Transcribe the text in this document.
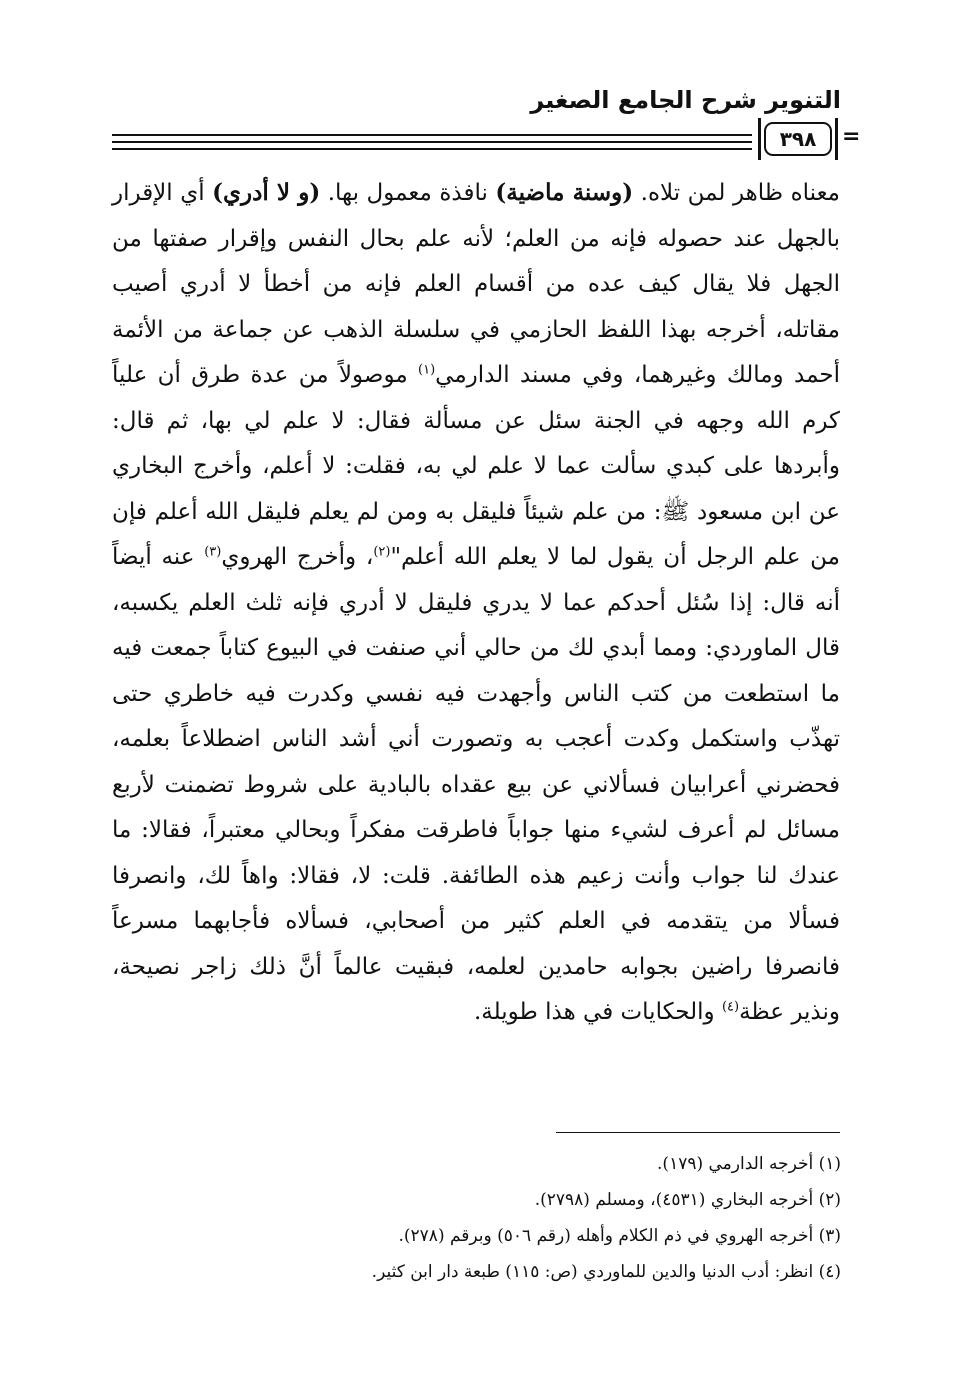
التنوير شرح الجامع الصغير
٣٩٨	=

معناه ظاهر لمن تلاه. (وسنة ماضية) نافذة معمول بها. (و لا أدري) أي الإقرار بالجهل عند حصوله فإنه من العلم؛ لأنه علم بحال النفس وإقرار صفتها من الجهل فلا يقال كيف عده من أقسام العلم فإنه من أخطأ لا أدري أصيب مقاتله، أخرجه بهذا اللفظ الحازمي في سلسلة الذهب عن جماعة من الأئمة أحمد ومالك وغيرهما، وفي مسند الدارمي$^{(١)}$ موصولاً من عدة طرق أن علياً كرم الله وجهه في الجنة سئل عن مسألة فقال: لا علم لي بها، ثم قال: وأبردها على كبدي سألت عما لا علم لي به، فقلت: لا أعلم، وأخرج البخاري عن ابن مسعود ﷺ: من علم شيئاً فليقل به ومن لم يعلم فليقل الله أعلم فإن من علم الرجل أن يقول لما لا يعلم الله أعلم"$^{(٢)}$، وأخرج الهروي$^{(٣)}$ عنه أيضاً أنه قال: إذا سُئل أحدكم عما لا يدري فليقل لا أدري فإنه ثلث العلم يكسبه، قال الماوردي: ومما أبدي لك من حالي أني صنفت في البيوع كتاباً جمعت فيه ما استطعت من كتب الناس وأجهدت فيه نفسي وكدرت فيه خاطري حتى تهذّب واستكمل وكدت أعجب به وتصورت أني أشد الناس اضطلاعاً بعلمه، فحضرني أعرابيان فسألاني عن بيع عقداه بالبادية على شروط تضمنت لأربع مسائل لم أعرف لشيء منها جواباً فاطرقت مفكراً وبحالي معتبراً، فقالا: ما عندك لنا جواب وأنت زعيم هذه الطائفة. قلت: لا، فقالا: واهاً لك، وانصرفا فسألا من يتقدمه في العلم كثير من أصحابي، فسألاه فأجابهما مسرعاً فانصرفا راضين بجوابه حامدين لعلمه، فبقيت عالماً أنَّ ذلك زاجر نصيحة، ونذير عظة$^{(٤)}$ والحكايات في هذا طويلة.

(١) أخرجه الدارمي (١٧٩).
(٢) أخرجه البخاري (٤٥٣١)، ومسلم (٢٧٩٨).
(٣) أخرجه الهروي في ذم الكلام وأهله (رقم ٥٠٦) وبرقم (٢٧٨).
(٤) انظر: أدب الدنيا والدين للماوردي (ص: ١١٥) طبعة دار ابن كثير.
